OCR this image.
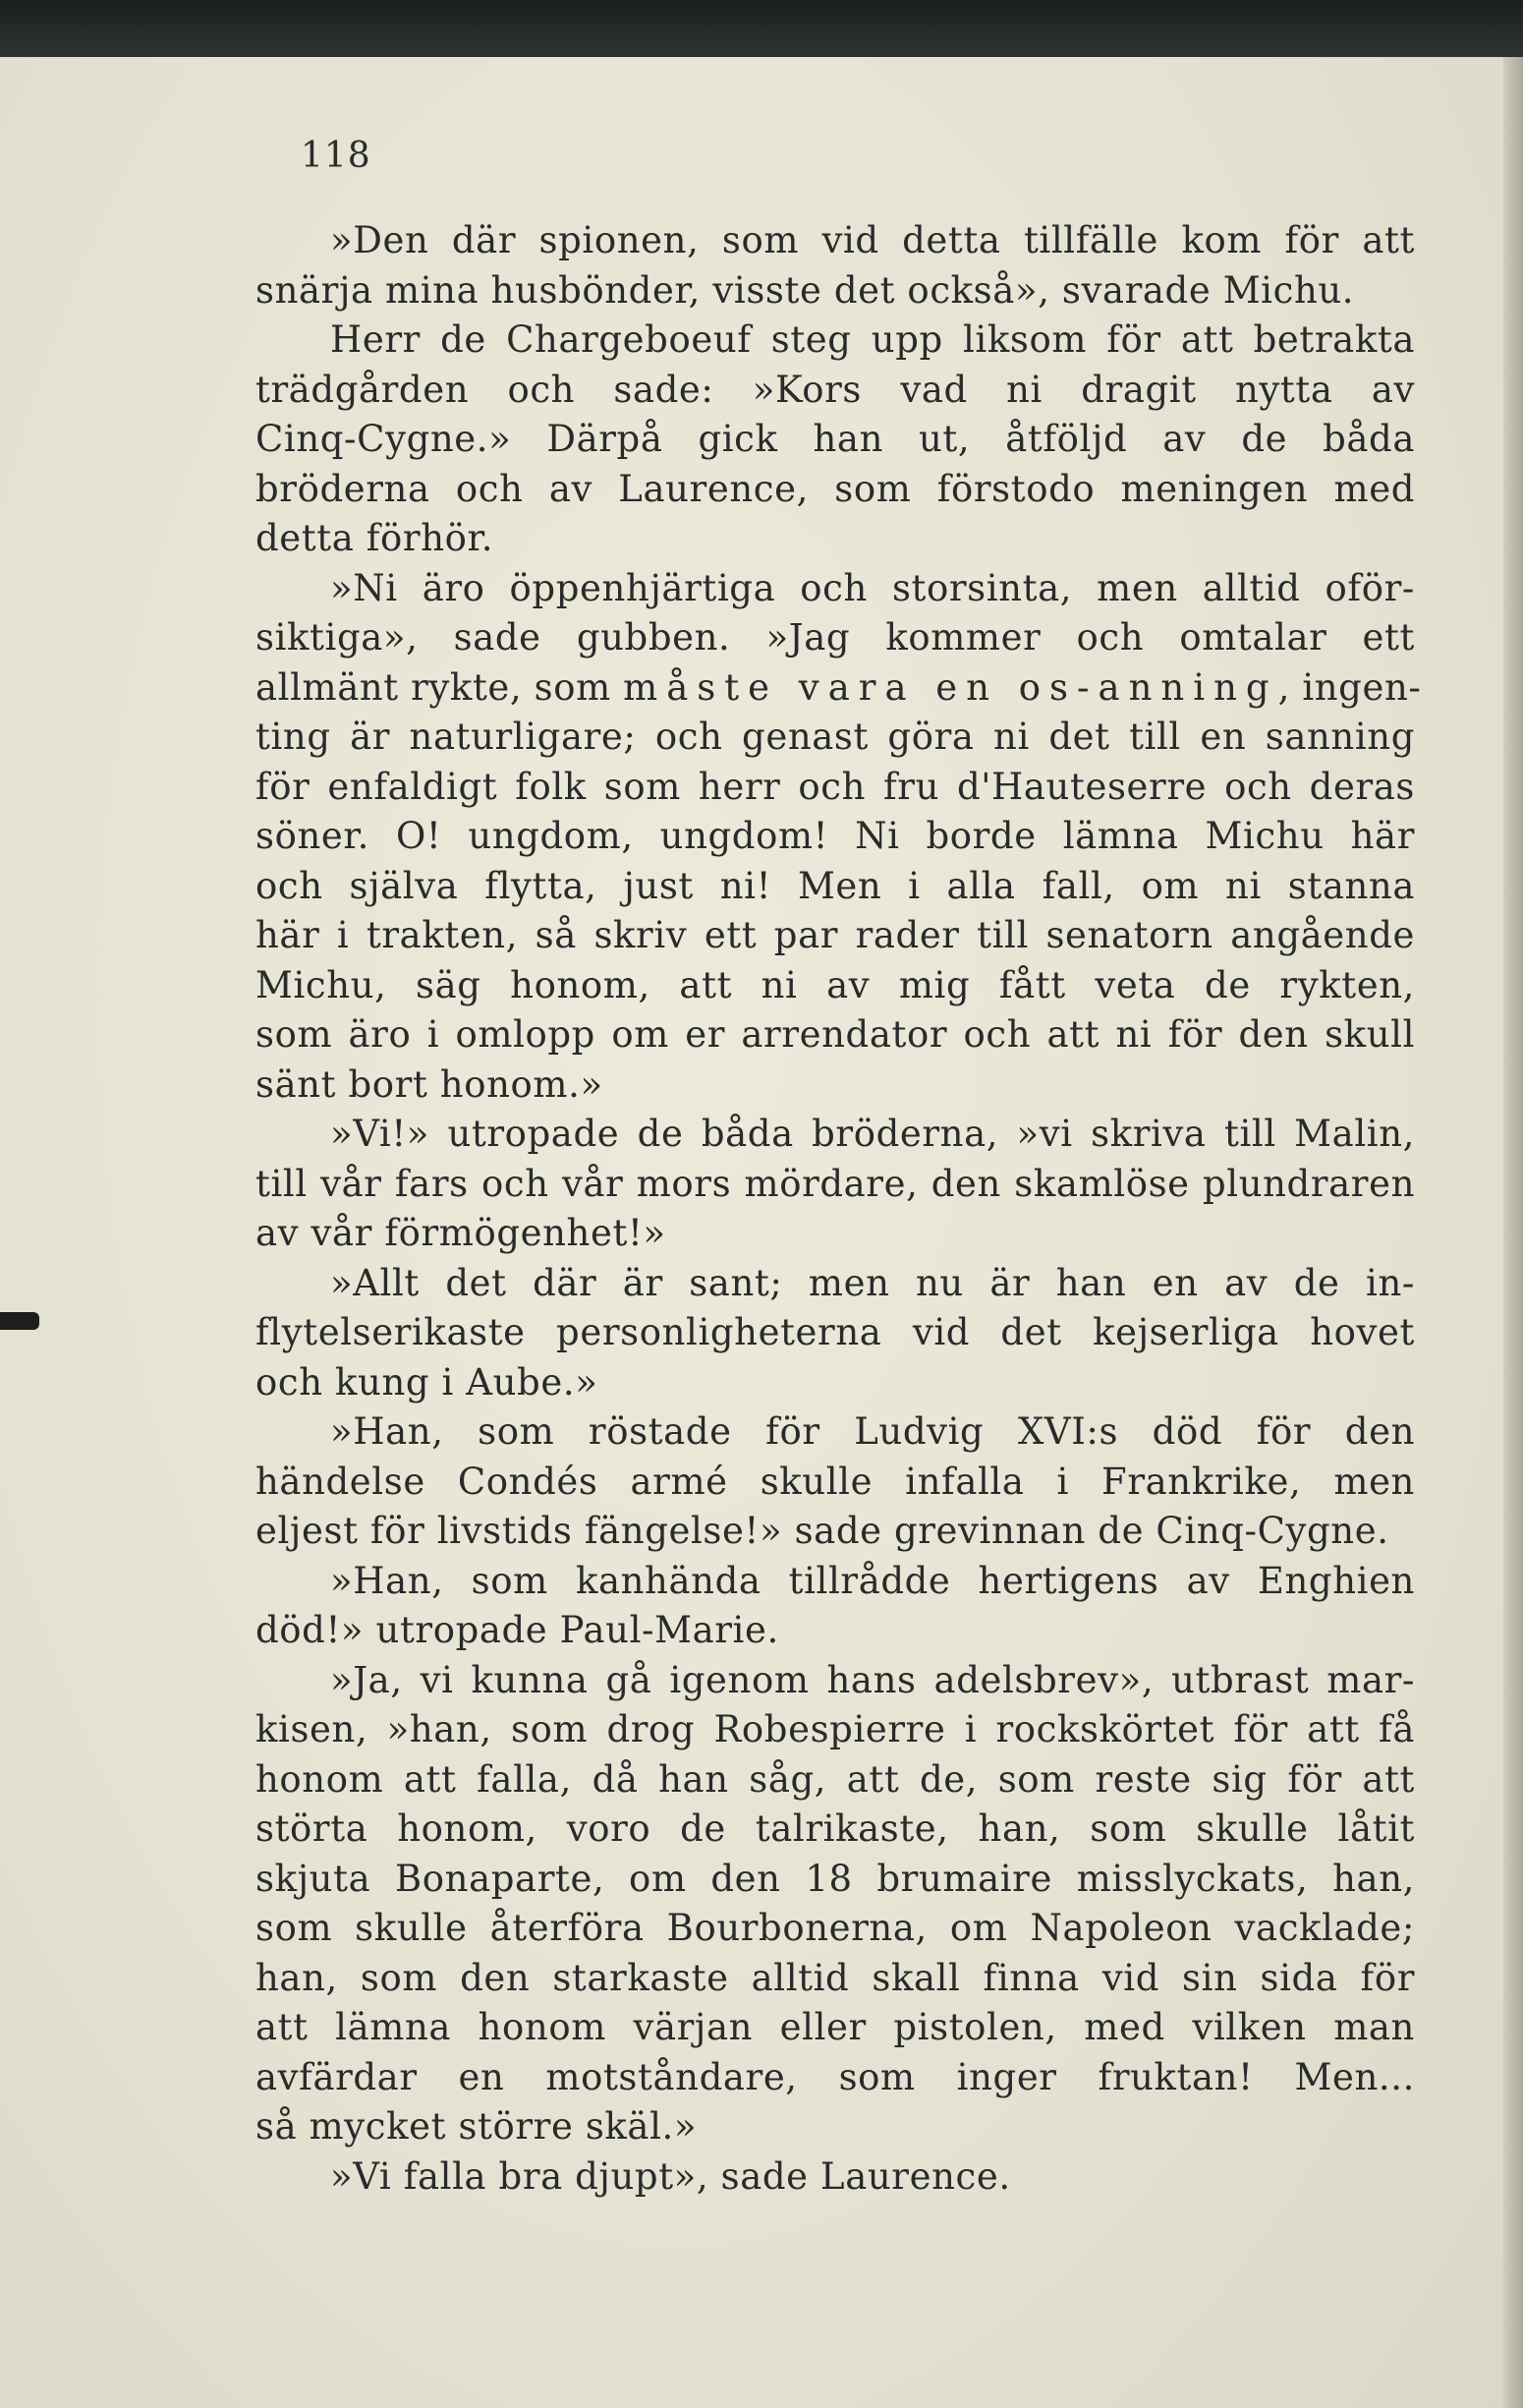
118
»Den där spionen, som vid detta tillfälle kom för att
snärja mina husbönder, visste det också», svarade Michu.
Herr de Chargeboeuf steg upp liksom för att betrakta
trädgården och sade: »Kors vad ni dragit nytta av
Cinq-Cygne.» Därpå gick han ut, åtföljd av de båda
bröderna och av Laurence, som förstodo meningen med
detta förhör.
»Ni äro öppenhjärtiga och storsinta, men alltid oför-
siktiga», sade gubben. »Jag kommer och omtalar ett
allmänt rykte, som måste vara en os-anning, ingen-
ting är naturligare; och genast göra ni det till en sanning
för enfaldigt folk som herr och fru d'Hauteserre och deras
söner. O! ungdom, ungdom! Ni borde lämna Michu här
och själva flytta, just ni! Men i alla fall, om ni stanna
här i trakten, så skriv ett par rader till senatorn angående
Michu, säg honom, att ni av mig fått veta de rykten,
som äro i omlopp om er arrendator och att ni för den skull
sänt bort honom.»
»Vi!» utropade de båda bröderna, »vi skriva till Malin,
till vår fars och vår mors mördare, den skamlöse plundraren
av vår förmögenhet!»
»Allt det där är sant; men nu är han en av de in-
flytelserikaste personligheterna vid det kejserliga hovet
och kung i Aube.»
»Han, som röstade för Ludvig XVI:s död för den
händelse Condés armé skulle infalla i Frankrike, men
eljest för livstids fängelse!» sade grevinnan de Cinq-Cygne.
»Han, som kanhända tillrådde hertigens av Enghien
död!» utropade Paul-Marie.
»Ja, vi kunna gå igenom hans adelsbrev», utbrast mar-
kisen, »han, som drog Robespierre i rockskörtet för att få
honom att falla, då han såg, att de, som reste sig för att
störta honom, voro de talrikaste, han, som skulle låtit
skjuta Bonaparte, om den 18 brumaire misslyckats, han,
som skulle återföra Bourbonerna, om Napoleon vacklade;
han, som den starkaste alltid skall finna vid sin sida för
att lämna honom värjan eller pistolen, med vilken man
avfärdar en motståndare, som inger fruktan! Men...
så mycket större skäl.»
»Vi falla bra djupt», sade Laurence.
